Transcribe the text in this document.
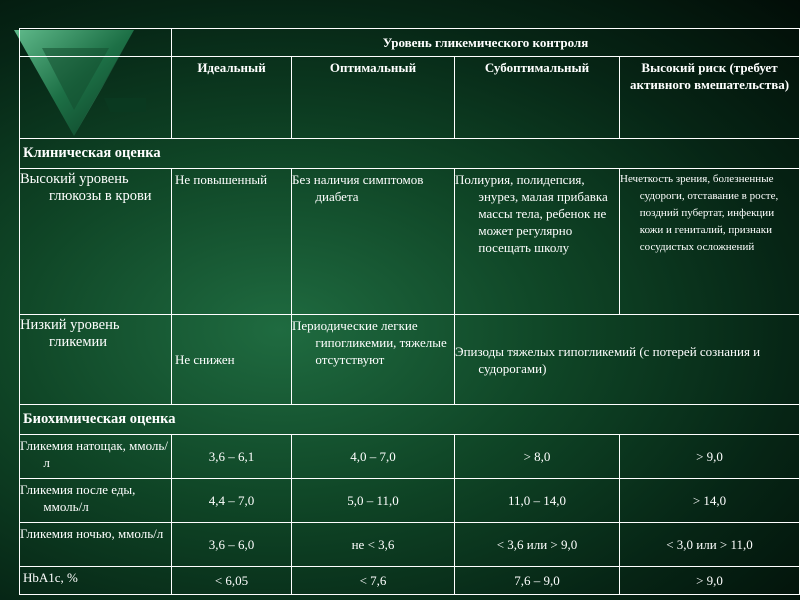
	Уровень гликемического контроля			
	Идеальный	Оптимальный	Субоптимальный	Высокий риск (требует активного вмешательства)
Клиническая оценка				
Высокий уровень глюкозы в крови	Не повышенный	Без наличия симптомов диабета	Полиурия, полидепсия, энурез, малая прибавка массы тела, ребенок не может регулярно посещать школу	Нечеткость зрения, болезненные судороги, отставание в росте, поздний пубертат, инфекции кожи и гениталий, признаки сосудистых осложнений
Низкий уровень гликемии	Не снижен	Периодические легкие гипогликемии, тяжелые отсутствуют	Эпизоды тяжелых гипогликемий (с потерей сознания и судорогами)	
Биохимическая оценка				
Гликемия натощак, ммоль/л	3,6 – 6,1	4,0 – 7,0	> 8,0	> 9,0
Гликемия после еды, ммоль/л	4,4 – 7,0	5,0 – 11,0	11,0 – 14,0	> 14,0
Гликемия ночью, ммоль/л	3,6 – 6,0	не < 3,6	< 3,6 или > 9,0	< 3,0 или > 11,0
HbA1c, %	< 6,05	< 7,6	7,6 – 9,0	> 9,0
